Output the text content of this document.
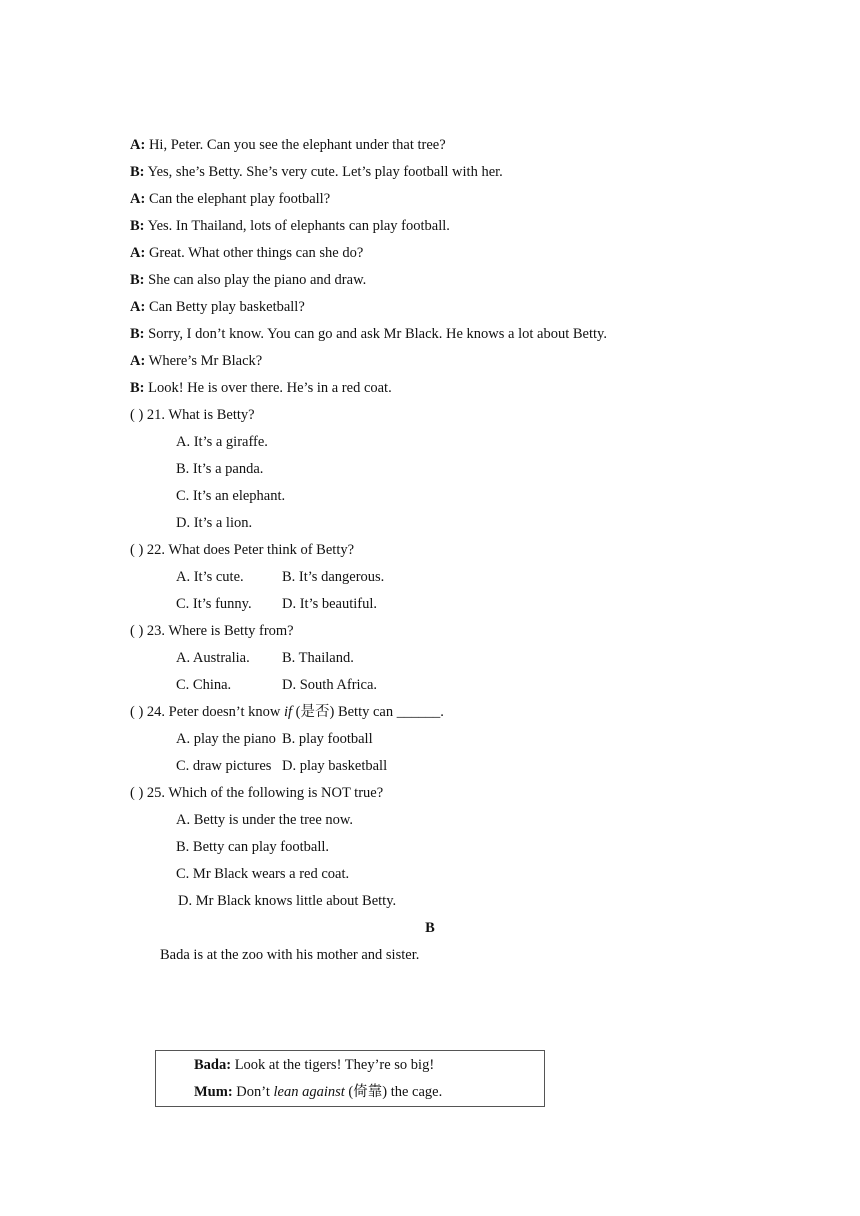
A: Hi, Peter. Can you see the elephant under that tree?
B: Yes, she’s Betty. She’s very cute. Let’s play football with her.
A: Can the elephant play football?
B: Yes. In Thailand, lots of elephants can play football.
A: Great. What other things can she do?
B: She can also play the piano and draw.
A: Can Betty play basketball?
B: Sorry, I don’t know. You can go and ask Mr Black. He knows a lot about Betty.
A: Where’s Mr Black?
B: Look! He is over there. He’s in a red coat.
( ) 21. What is Betty?
A. It’s a giraffe.
B. It’s a panda.
C. It’s an elephant.
D. It’s a lion.
( ) 22. What does Peter think of Betty?
A. It’s cute.	B. It’s dangerous.
C. It’s funny. D. It’s beautiful.
( ) 23. Where is Betty from?
A. Australia. B. Thailand.
C. China.	D. South Africa.
( ) 24. Peter doesn’t know if (是否) Betty can ______.
A. play the piano B. play football
C. draw pictures D. play basketball
( ) 25. Which of the following is NOT true?
A. Betty is under the tree now.
B. Betty can play football.
C. Mr Black wears a red coat.
D. Mr Black knows little about Betty.
B
Bada is at the zoo with his mother and sister.
Bada: Look at the tigers! They’re so big!
Mum: Don’t lean against (倚靠) the cage.
